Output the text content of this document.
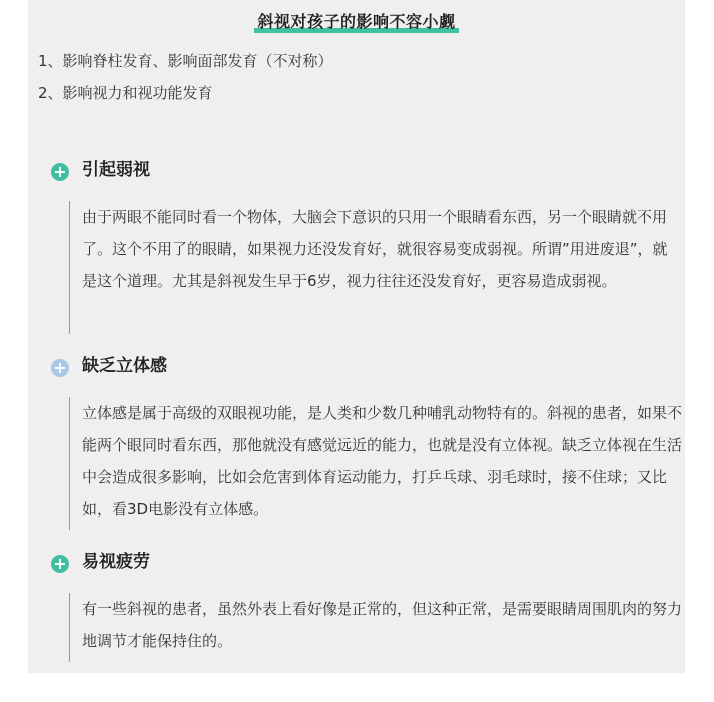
斜视对孩子的影响不容小觑
1、影响脊柱发育、影响面部发育（不对称）
2、影响视力和视功能发育
+ 引起弱视
由于两眼不能同时看一个物体，大脑会下意识的只用一个眼睛看东西，另一个眼睛就不用了。这个不用了的眼睛，如果视力还没发育好，就很容易变成弱视。所谓”用进废退”，就是这个道理。尤其是斜视发生早于6岁，视力往往还没发育好，更容易造成弱视。
+ 缺乏立体感
立体感是属于高级的双眼视功能，是人类和少数几种哺乳动物特有的。斜视的患者，如果不能两个眼同时看东西，那他就没有感觉远近的能力，也就是没有立体视。缺乏立体视在生活中会造成很多影响，比如会危害到体育运动能力，打乒乓球、羽毛球时，接不住球；又比如，看3D电影没有立体感。
+ 易视疲劳
有一些斜视的患者，虽然外表上看好像是正常的，但这种正常，是需要眼睛周围肌肉的努力地调节才能保持住的。
